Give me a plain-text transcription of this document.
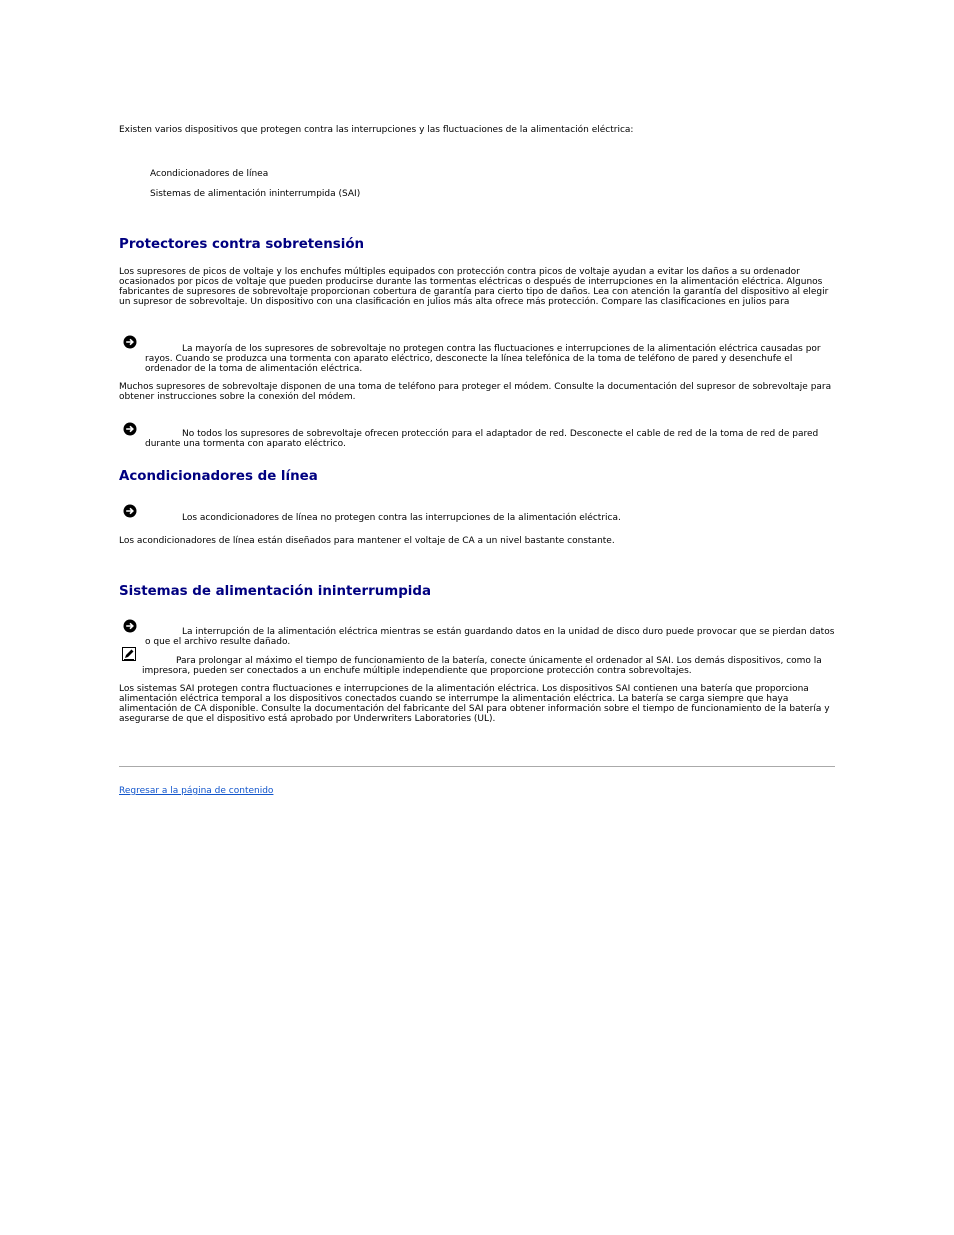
Existen varios dispositivos que protegen contra las interrupciones y las fluctuaciones de la alimentación eléctrica:

Acondicionadores de línea

Sistemas de alimentación ininterrumpida (SAI)

Protectores contra sobretensión

Los supresores de picos de voltaje y los enchufes múltiples equipados con protección contra picos de voltaje ayudan a evitar los daños a su ordenador ocasionados por picos de voltaje que pueden producirse durante las tormentas eléctricas o después de interrupciones en la alimentación eléctrica. Algunos fabricantes de supresores de sobrevoltaje proporcionan cobertura de garantía para cierto tipo de daños. Lea con atención la garantía del dispositivo al elegir un supresor de sobrevoltaje. Un dispositivo con una clasificación en julios más alta ofrece más protección. Compare las clasificaciones en julios para

La mayoría de los supresores de sobrevoltaje no protegen contra las fluctuaciones e interrupciones de la alimentación eléctrica causadas por rayos. Cuando se produzca una tormenta con aparato eléctrico, desconecte la línea telefónica de la toma de teléfono de pared y desenchufe el ordenador de la toma de alimentación eléctrica.

Muchos supresores de sobrevoltaje disponen de una toma de teléfono para proteger el módem. Consulte la documentación del supresor de sobrevoltaje para obtener instrucciones sobre la conexión del módem.

No todos los supresores de sobrevoltaje ofrecen protección para el adaptador de red. Desconecte el cable de red de la toma de red de pared durante una tormenta con aparato eléctrico.

Acondicionadores de línea

Los acondicionadores de línea no protegen contra las interrupciones de la alimentación eléctrica.

Los acondicionadores de línea están diseñados para mantener el voltaje de CA a un nivel bastante constante.

Sistemas de alimentación ininterrumpida

La interrupción de la alimentación eléctrica mientras se están guardando datos en la unidad de disco duro puede provocar que se pierdan datos o que el archivo resulte dañado.

Para prolongar al máximo el tiempo de funcionamiento de la batería, conecte únicamente el ordenador al SAI. Los demás dispositivos, como la impresora, pueden ser conectados a un enchufe múltiple independiente que proporcione protección contra sobrevoltajes.

Los sistemas SAI protegen contra fluctuaciones e interrupciones de la alimentación eléctrica. Los dispositivos SAI contienen una batería que proporciona alimentación eléctrica temporal a los dispositivos conectados cuando se interrumpe la alimentación eléctrica. La batería se carga siempre que haya alimentación de CA disponible. Consulte la documentación del fabricante del SAI para obtener información sobre el tiempo de funcionamiento de la batería y asegurarse de que el dispositivo está aprobado por Underwriters Laboratories (UL).

Regresar a la página de contenido
